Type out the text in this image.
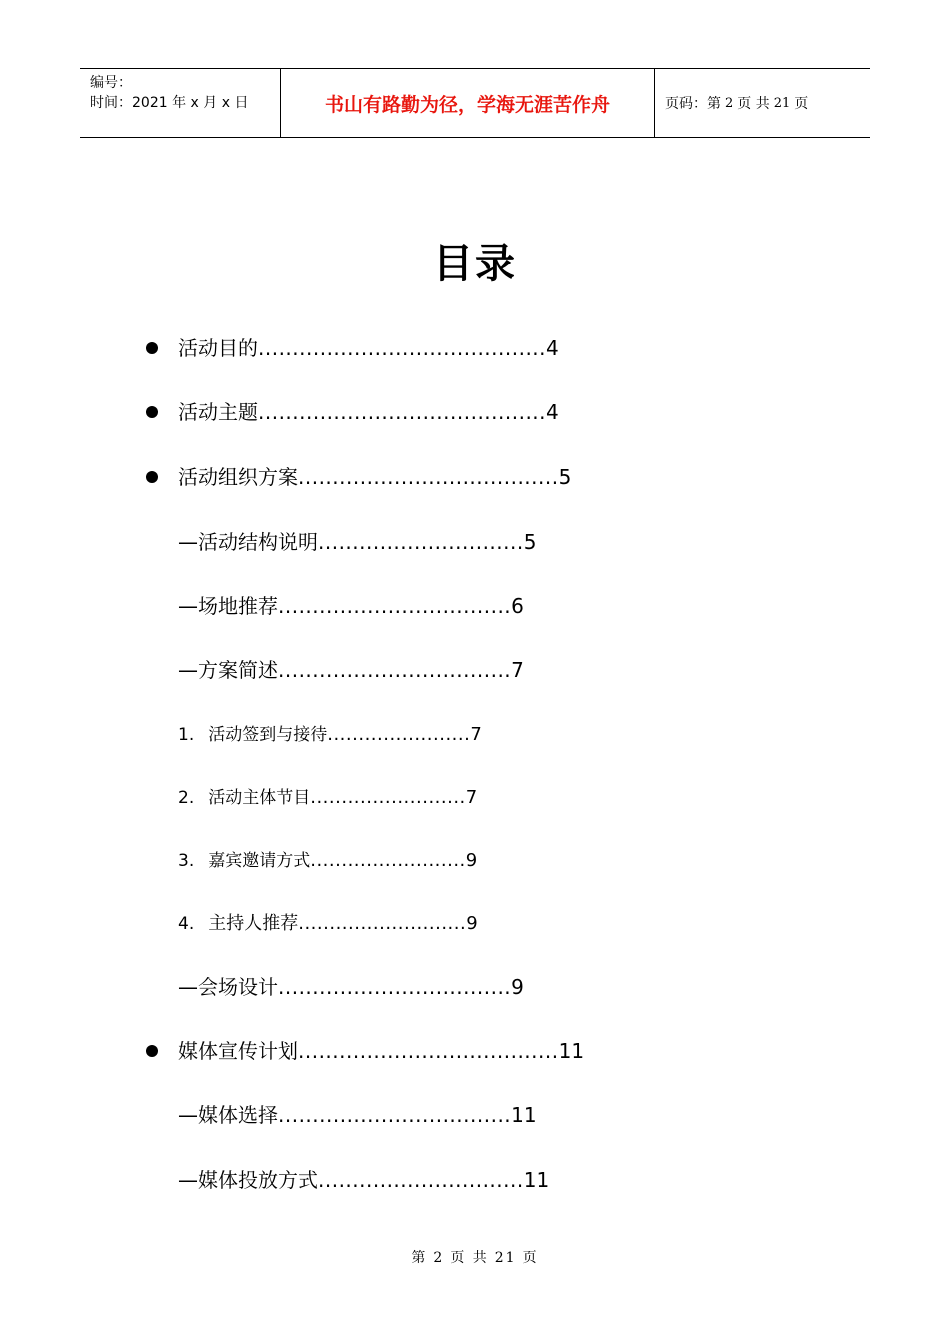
编号：
时间：2021 年 x 月 x 日	书山有路勤为径，学海无涯苦作舟	页码：第 2 页 共 21 页
目录
活动目的..........................................4
活动主题..........................................4
活动组织方案......................................5
—活动结构说明..............................5
—场地推荐..................................6
—方案简述..................................7
1. 活动签到与接待.......................7
2. 活动主体节目.........................7
3. 嘉宾邀请方式.........................9
4. 主持人推荐...........................9
—会场设计..................................9
媒体宣传计划......................................11
—媒体选择..................................11
—媒体投放方式..............................11
第 2 页 共 21 页
